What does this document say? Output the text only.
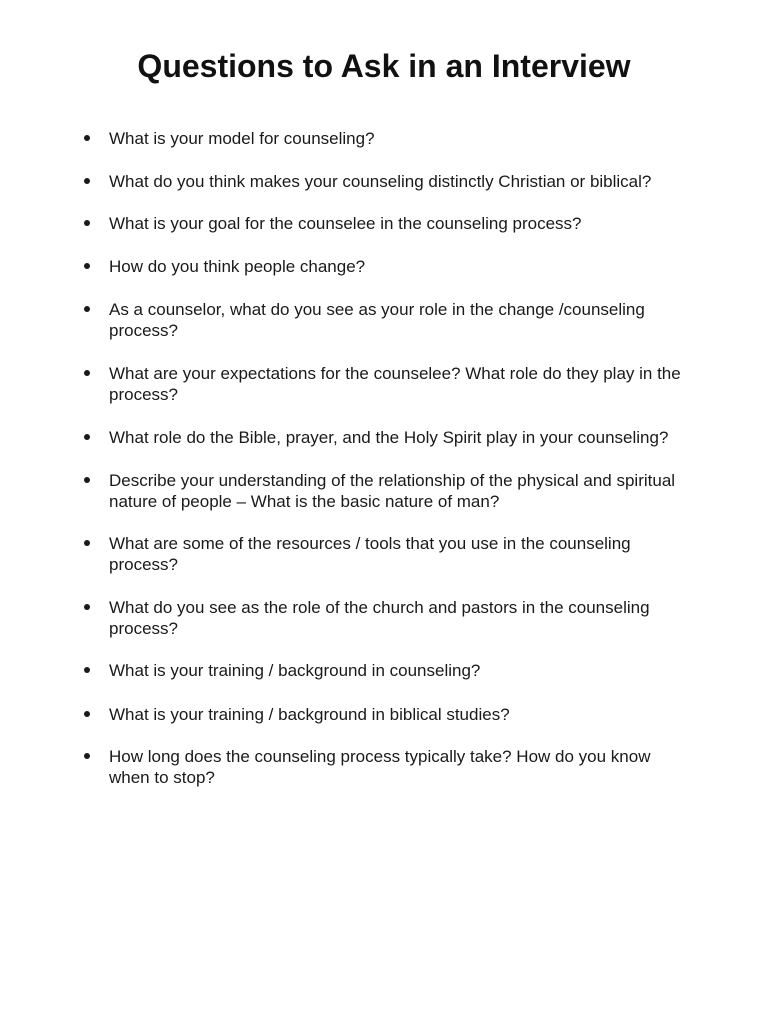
Questions to Ask in an Interview
What is your model for counseling?
What do you think makes your counseling distinctly Christian or biblical?
What is your goal for the counselee in the counseling process?
How do you think people change?
As a counselor, what do you see as your role in the change /counseling process?
What are your expectations for the counselee? What role do they play in the process?
What role do the Bible, prayer, and the Holy Spirit play in your counseling?
Describe your understanding of the relationship of the physical and spiritual nature of people – What is the basic nature of man?
What are some of the resources / tools that you use in the counseling process?
What do you see as the role of the church and pastors in the counseling process?
What is your training / background in counseling?
What is your training / background in biblical studies?
How long does the counseling process typically take? How do you know when to stop?
